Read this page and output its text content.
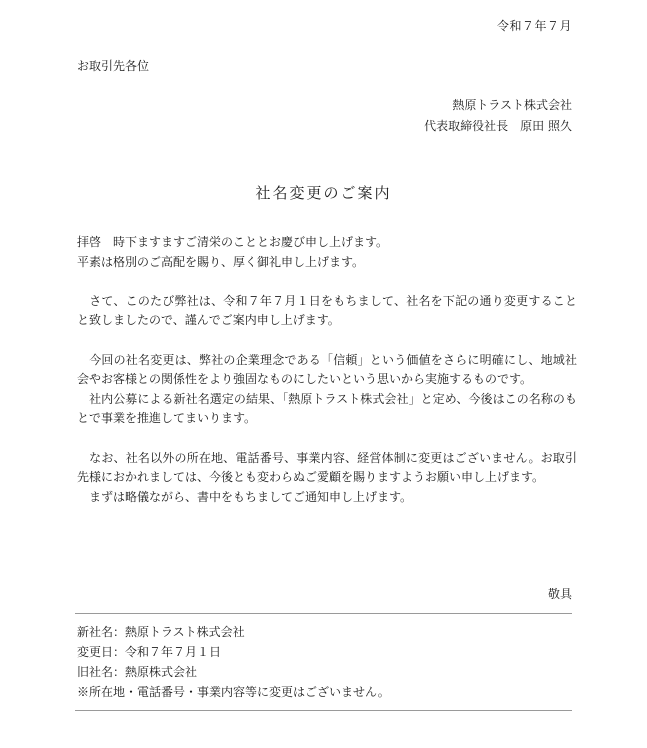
令和７年７月
お取引先各位
熱原トラスト株式会社
代表取締役社長　原田 照久
社名変更のご案内

拝啓　時下ますますご清栄のこととお慶び申し上げます。

平素は格別のご高配を賜り、厚く御礼申し上げます。

　さて、このたび弊社は、令和７年７月１日をもちまして、社名を下記の通り変更することと致しましたので、謹んでご案内申し上げます。

　今回の社名変更は、弊社の企業理念である「信頼」という価値をさらに明確にし、地域社会やお客様との関係性をより強固なものにしたいという思いから実施するものです。

　社内公募による新社名選定の結果、「熱原トラスト株式会社」と定め、今後はこの名称のもとで事業を推進してまいります。

　なお、社名以外の所在地、電話番号、事業内容、経営体制に変更はございません。お取引先様におかれましては、今後とも変わらぬご愛顧を賜りますようお願い申し上げます。

　まずは略儀ながら、書中をもちましてご通知申し上げます。

敬具
新社名：熱原トラスト株式会社
変更日：令和７年７月１日
旧社名：熱原株式会社
※所在地・電話番号・事業内容等に変更はございません。
